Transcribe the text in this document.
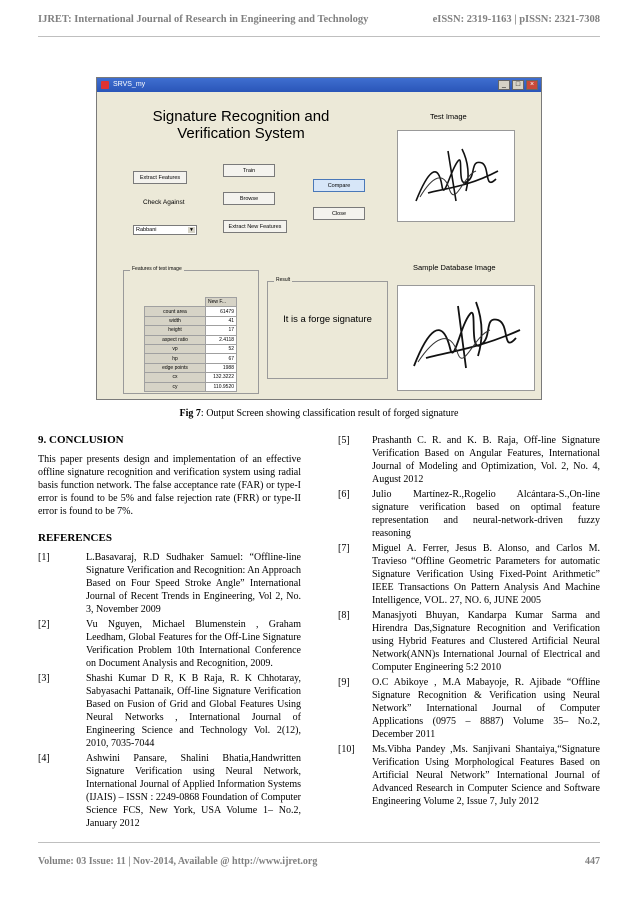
IJRET: International Journal of Research in Engineering and Technology	eISSN: 2319-1163 | pISSN: 2321-7308
SRVS_my	_	□	×
Signature Recognition and Verification System
Test Image
Extract Features
Train
Compare
Check Against
Browse
Close
Extract New Features
Rabbani	▼
Features of test image
	New F...
count area	61479
width	41
height	17
aspect ratio	2.4118
vp	52
hp	67
edge points	1988
cx	132.3222
cy	110.9520
Result
It is a forge signature
Sample Database Image
Fig 7: Output Screen showing classification result of forged signature
9. CONCLUSION

This paper presents design and implementation of an effective offline signature recognition and verification system using radial basis function network. The false acceptance rate (FAR) or type-I error is found to be 5% and false rejection rate (FRR) or type-II error is found to be 7%.

REFERENCES
[1]	L.Basavaraj, R.D Sudhaker Samuel: “Offline-line Signature Verification and Recognition: An Approach Based on Four Speed Stroke Angle” International Journal of Recent Trends in Engineering, Vol 2, No. 3, November 2009
[2]	Vu Nguyen, Michael Blumenstein , Graham Leedham, Global Features for the Off-Line Signature Verification Problem 10th International Conference on Document Analysis and Recognition, 2009.
[3]	Shashi Kumar D R, K B Raja, R. K Chhotaray, Sabyasachi Pattanaik, Off-line Signature Verification Based on Fusion of Grid and Global Features Using Neural Networks , International Journal of Engineering Science and Technology Vol. 2(12), 2010, 7035-7044
[4]	Ashwini Pansare, Shalini Bhatia,Handwritten Signature Verification using Neural Network, International Journal of Applied Information Systems (IJAIS) – ISSN : 2249-0868 Foundation of Computer Science FCS, New York, USA Volume 1– No.2, January 2012
[5]	Prashanth C. R. and K. B. Raja, Off-line Signature Verification Based on Angular Features, International Journal of Modeling and Optimization, Vol. 2, No. 4, August 2012
[6]	Julio Martínez-R.,Rogelio Alcántara-S.,On-line signature verification based on optimal feature representation and neural-network-driven fuzzy reasoning
[7]	Miguel A. Ferrer, Jesus B. Alonso, and Carlos M. Travieso “Offline Geometric Parameters for automatic Signature Verification Using Fixed-Point Arithmetic” IEEE Transactions On Pattern Analysis And Machine Intelligence, VOL. 27, NO. 6, JUNE 2005
[8]	Manasjyoti Bhuyan, Kandarpa Kumar Sarma and Hirendra Das,Signature Recognition and Verification using Hybrid Features and Clustered Artificial Neural Network(ANN)s International Journal of Electrical and Computer Engineering 5:2 2010
[9]	O.C Abikoye , M.A Mabayoje, R. Ajibade “Offline Signature Recognition & Verification using Neural Network” International Journal of Computer Applications (0975 – 8887) Volume 35– No.2, December 2011
[10]	Ms.Vibha Pandey ,Ms. Sanjivani Shantaiya,“Signature Verification Using Morphological Features Based on Artificial Neural Network” International Journal of Advanced Research in Computer Science and Software Engineering Volume 2, Issue 7, July 2012
Volume: 03 Issue: 11 | Nov-2014, Available @ http://www.ijret.org	447
